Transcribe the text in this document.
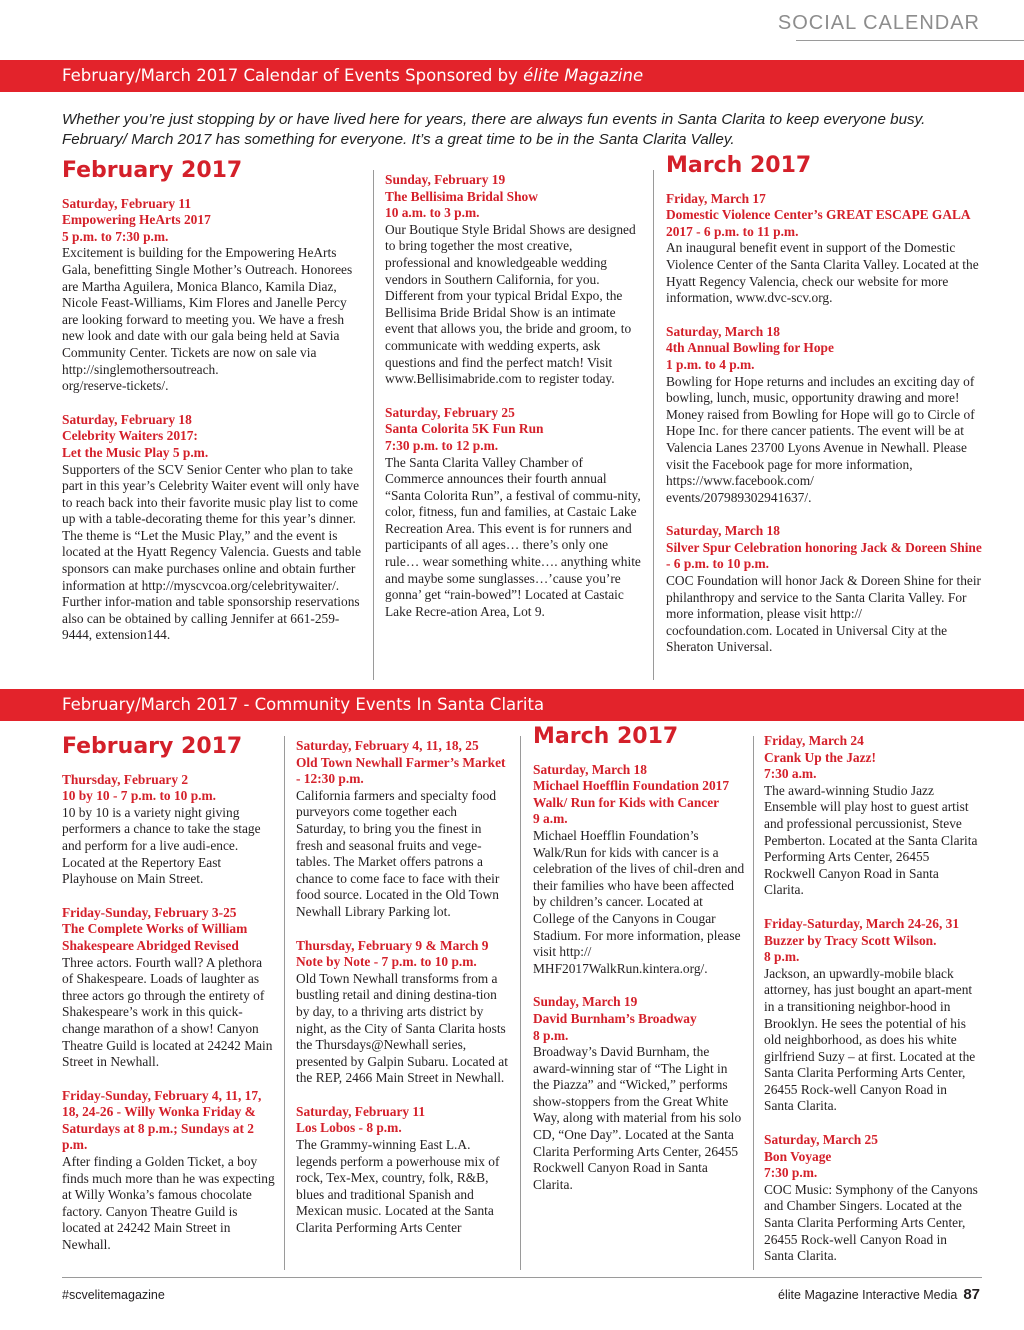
SOCIAL CALENDAR
February/March 2017 Calendar of Events Sponsored by élite Magazine
Whether you’re just stopping by or have lived here for years, there are always fun events in Santa Clarita to keep everyone busy. February/ March 2017 has something for everyone. It’s a great time to be in the Santa Clarita Valley.
February 2017
Saturday, February 11
Empowering HeArts 2017
5 p.m. to 7:30 p.m.
Excitement is building for the Empowering HeArts Gala, benefitting Single Mother’s Outreach. Honorees are Martha Aguilera, Monica Blanco, Kamila Diaz, Nicole Feast-Williams, Kim Flores and Janelle Percy are looking forward to meeting you. We have a fresh new look and date with our gala being held at Savia Community Center. Tickets are now on sale via http://singlemothersoutreach.
org/reserve-tickets/.
Saturday, February 18
Celebrity Waiters 2017:
Let the Music Play 5 p.m.
Supporters of the SCV Senior Center who plan to take part in this year’s Celebrity Waiter event will only have to reach back into their favorite music play list to come up with a table-decorating theme for this year’s dinner. The theme is “Let the Music Play,” and the event is located at the Hyatt Regency Valencia. Guests and table sponsors can make purchases online and obtain further information at http://myscvcoa.org/celebritywaiter/. Further infor-mation and table sponsorship reservations also can be obtained by calling Jennifer at 661-259-9444, extension144.
Sunday, February 19
The Bellisima Bridal Show
10 a.m. to 3 p.m.
Our Boutique Style Bridal Shows are designed to bring together the most creative, professional and knowledgeable wedding vendors in Southern California, for you. Different from your typical Bridal Expo, the Bellisima Bride Bridal Show is an intimate event that allows you, the bride and groom, to communicate with wedding experts, ask questions and find the perfect match! Visit www.Bellisimabride.com to register today.
Saturday, February 25
Santa Colorita 5K Fun Run
7:30 p.m. to 12 p.m.
The Santa Clarita Valley Chamber of Commerce announces their fourth annual “Santa Colorita Run”, a festival of commu-nity, color, fitness, fun and families, at Castaic Lake Recreation Area. This event is for runners and participants of all ages… there’s only one rule… wear something white…. anything white and maybe some sunglasses…’cause you’re gonna’ get “rain-bowed”! Located at Castaic Lake Recre-ation Area, Lot 9.
March 2017
Friday, March 17
Domestic Violence Center’s GREAT ESCAPE GALA
2017 - 6 p.m. to 11 p.m.
An inaugural benefit event in support of the Domestic Violence Center of the Santa Clarita Valley. Located at the Hyatt Regency Valencia, check our website for more information, www.dvc-scv.org.
Saturday, March 18
4th Annual Bowling for Hope
1 p.m. to 4 p.m.
Bowling for Hope returns and includes an exciting day of bowling, lunch, music, opportunity drawing and more! Money raised from Bowling for Hope will go to Circle of Hope Inc. for there cancer patients. The event will be at Valencia Lanes 23700 Lyons Avenue in Newhall. Please visit the Facebook page for more information, https://www.facebook.com/
events/207989302941637/.
Saturday, March 18
Silver Spur Celebration honoring Jack & Doreen Shine - 6 p.m. to 10 p.m.
COC Foundation will honor Jack & Doreen Shine for their philanthropy and service to the Santa Clarita Valley. For more information, please visit http://
cocfoundation.com. Located in Universal City at the Sheraton Universal.
February/March 2017 - Community Events In Santa Clarita
February 2017
Thursday, February 2
10 by 10 - 7 p.m. to 10 p.m.
10 by 10 is a variety night giving performers a chance to take the stage and perform for a live audi-ence. Located at the Repertory East Playhouse on Main Street.
Friday-Sunday, February 3-25
The Complete Works of William Shakespeare Abridged Revised
Three actors. Fourth wall? A plethora of Shakespeare. Loads of laughter as three actors go through the entirety of Shakespeare’s work in this quick-change marathon of a show! Canyon Theatre Guild is located at 24242 Main Street in Newhall.
Friday-Sunday, February 4, 11, 17, 18, 24-26 - Willy Wonka Friday & Saturdays at 8 p.m.; Sundays at 2 p.m.
After finding a Golden Ticket, a boy finds much more than he was expecting at Willy Wonka’s famous chocolate factory. Canyon Theatre Guild is located at 24242 Main Street in Newhall.
Saturday, February 4, 11, 18, 25
Old Town Newhall Farmer’s Market - 12:30 p.m.
California farmers and specialty food purveyors come together each Saturday, to bring you the finest in fresh and seasonal fruits and vege-tables. The Market offers patrons a chance to come face to face with their food source. Located in the Old Town Newhall Library Parking lot.
Thursday, February 9 & March 9
Note by Note - 7 p.m. to 10 p.m.
Old Town Newhall transforms from a bustling retail and dining destina-tion by day, to a thriving arts district by night, as the City of Santa Clarita hosts the Thursdays@Newhall series, presented by Galpin Subaru. Located at the REP, 2466 Main Street in Newhall.
Saturday, February 11
Los Lobos - 8 p.m.
The Grammy-winning East L.A. legends perform a powerhouse mix of rock, Tex-Mex, country, folk, R&B, blues and traditional Spanish and Mexican music. Located at the Santa Clarita Performing Arts Center
March 2017
Saturday, March 18
Michael Hoefflin Foundation 2017 Walk/ Run for Kids with Cancer
9 a.m.
Michael Hoefflin Foundation’s Walk/Run for kids with cancer is a celebration of the lives of chil-dren and their families who have been affected by children’s cancer. Located at College of the Canyons in Cougar Stadium. For more information, please visit http://
MHF2017WalkRun.kintera.org/.
Sunday, March 19
David Burnham’s Broadway
8 p.m.
Broadway’s David Burnham, the award-winning star of “The Light in the Piazza” and “Wicked,” performs show-stoppers from the Great White Way, along with material from his solo CD, “One Day”. Located at the Santa Clarita Performing Arts Center, 26455 Rockwell Canyon Road in Santa Clarita.
Friday, March 24
Crank Up the Jazz!
7:30 a.m.
The award-winning Studio Jazz Ensemble will play host to guest artist and professional percussionist, Steve Pemberton. Located at the Santa Clarita Performing Arts Center, 26455 Rockwell Canyon Road in Santa Clarita.
Friday-Saturday, March 24-26, 31
Buzzer by Tracy Scott Wilson.
8 p.m.
Jackson, an upwardly-mobile black attorney, has just bought an apart-ment in a transitioning neighbor-hood in Brooklyn. He sees the potential of his old neighborhood, as does his white girlfriend Suzy – at first. Located at the Santa Clarita Performing Arts Center, 26455 Rock-well Canyon Road in Santa Clarita.
Saturday, March 25
Bon Voyage
7:30 p.m.
COC Music: Symphony of the Canyons and Chamber Singers. Located at the Santa Clarita Performing Arts Center, 26455 Rock-well Canyon Road in Santa Clarita.
#scvelitemagazine	élite Magazine Interactive Media 87
